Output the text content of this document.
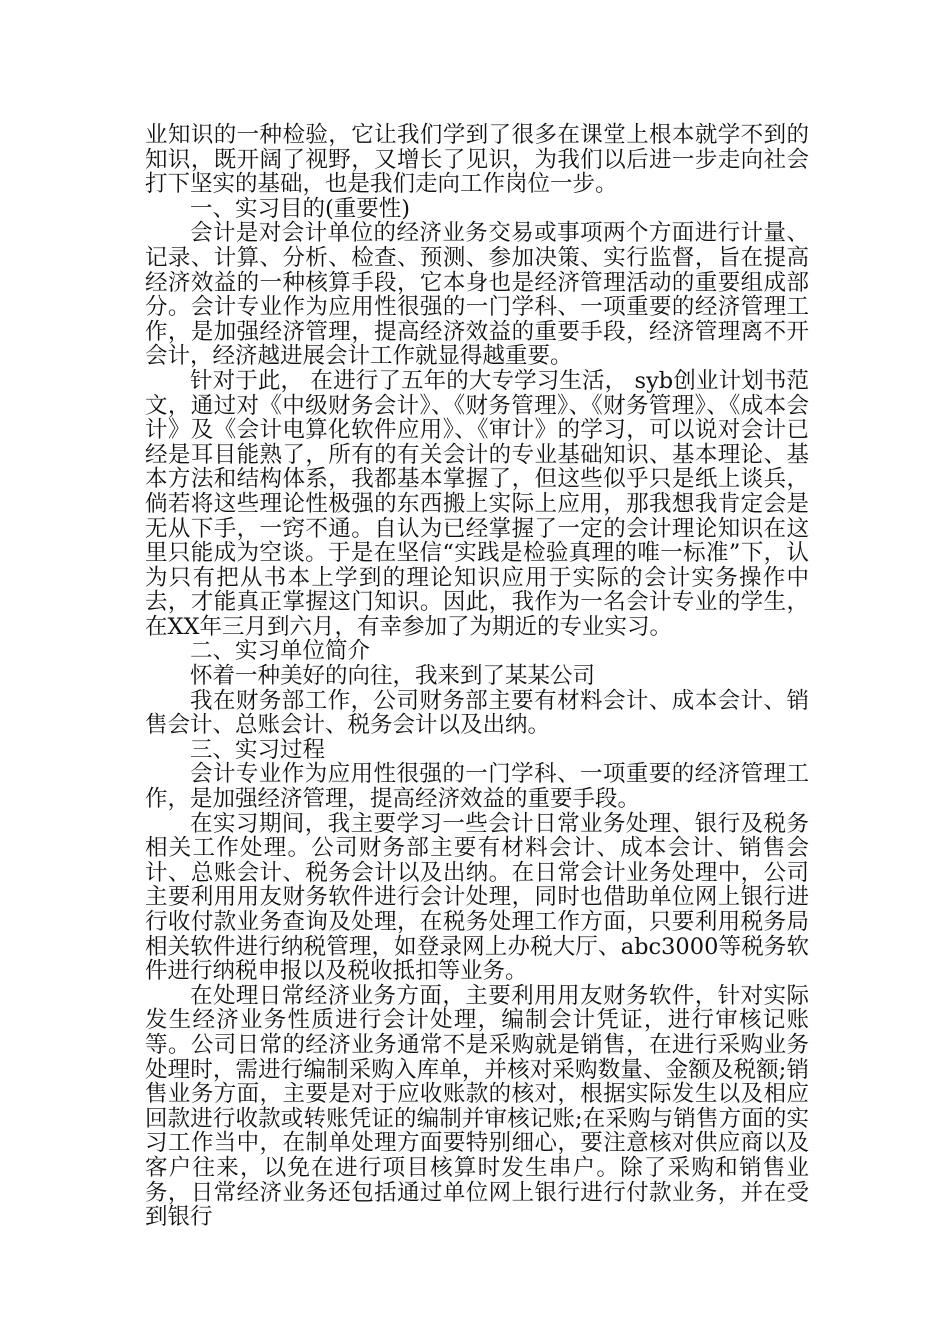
业知识的一种检验，它让我们学到了很多在课堂上根本就学不到的知识，既开阔了视野，又增长了见识，为我们以后进一步走向社会打下坚实的基础，也是我们走向工作岗位一步。

一、实习目的(重要性)

会计是对会计单位的经济业务交易或事项两个方面进行计量、记录、计算、分析、检查、预测、参加决策、实行监督，旨在提高经济效益的一种核算手段，它本身也是经济管理活动的重要组成部分。会计专业作为应用性很强的一门学科、一项重要的经济管理工作，是加强经济管理，提高经济效益的重要手段，经济管理离不开会计，经济越进展会计工作就显得越重要。

针对于此， 在进行了五年的大专学习生活， syb创业计划书范文，通过对《中级财务会计》、《财务管理》、《财务管理》、《成本会计》及《会计电算化软件应用》、《审计》的学习，可以说对会计已经是耳目能熟了，所有的有关会计的专业基础知识、基本理论、基本方法和结构体系，我都基本掌握了，但这些似乎只是纸上谈兵，倘若将这些理论性极强的东西搬上实际上应用，那我想我肯定会是无从下手，一窍不通。自认为已经掌握了一定的会计理论知识在这里只能成为空谈。于是在坚信“实践是检验真理的唯一标准”下，认为只有把从书本上学到的理论知识应用于实际的会计实务操作中去，才能真正掌握这门知识。因此，我作为一名会计专业的学生，在XX年三月到六月，有幸参加了为期近的专业实习。

二、实习单位简介

怀着一种美好的向往，我来到了某某公司

我在财务部工作，公司财务部主要有材料会计、成本会计、销售会计、总账会计、税务会计以及出纳。

三、实习过程

会计专业作为应用性很强的一门学科、一项重要的经济管理工作，是加强经济管理，提高经济效益的重要手段。

在实习期间，我主要学习一些会计日常业务处理、银行及税务相关工作处理。公司财务部主要有材料会计、成本会计、销售会计、总账会计、税务会计以及出纳。在日常会计业务处理中，公司主要利用用友财务软件进行会计处理，同时也借助单位网上银行进行收付款业务查询及处理，在税务处理工作方面，只要利用税务局相关软件进行纳税管理，如登录网上办税大厅、abc3000等税务软件进行纳税申报以及税收抵扣等业务。

在处理日常经济业务方面，主要利用用友财务软件，针对实际发生经济业务性质进行会计处理，编制会计凭证，进行审核记账等。公司日常的经济业务通常不是采购就是销售，在进行采购业务处理时，需进行编制采购入库单，并核对采购数量、金额及税额;销售业务方面，主要是对于应收账款的核对，根据实际发生以及相应回款进行收款或转账凭证的编制并审核记账;在采购与销售方面的实习工作当中，在制单处理方面要特别细心，要注意核对供应商以及客户往来，以免在进行项目核算时发生串户。除了采购和销售业务，日常经济业务还包括通过单位网上银行进行付款业务，并在受到银行
